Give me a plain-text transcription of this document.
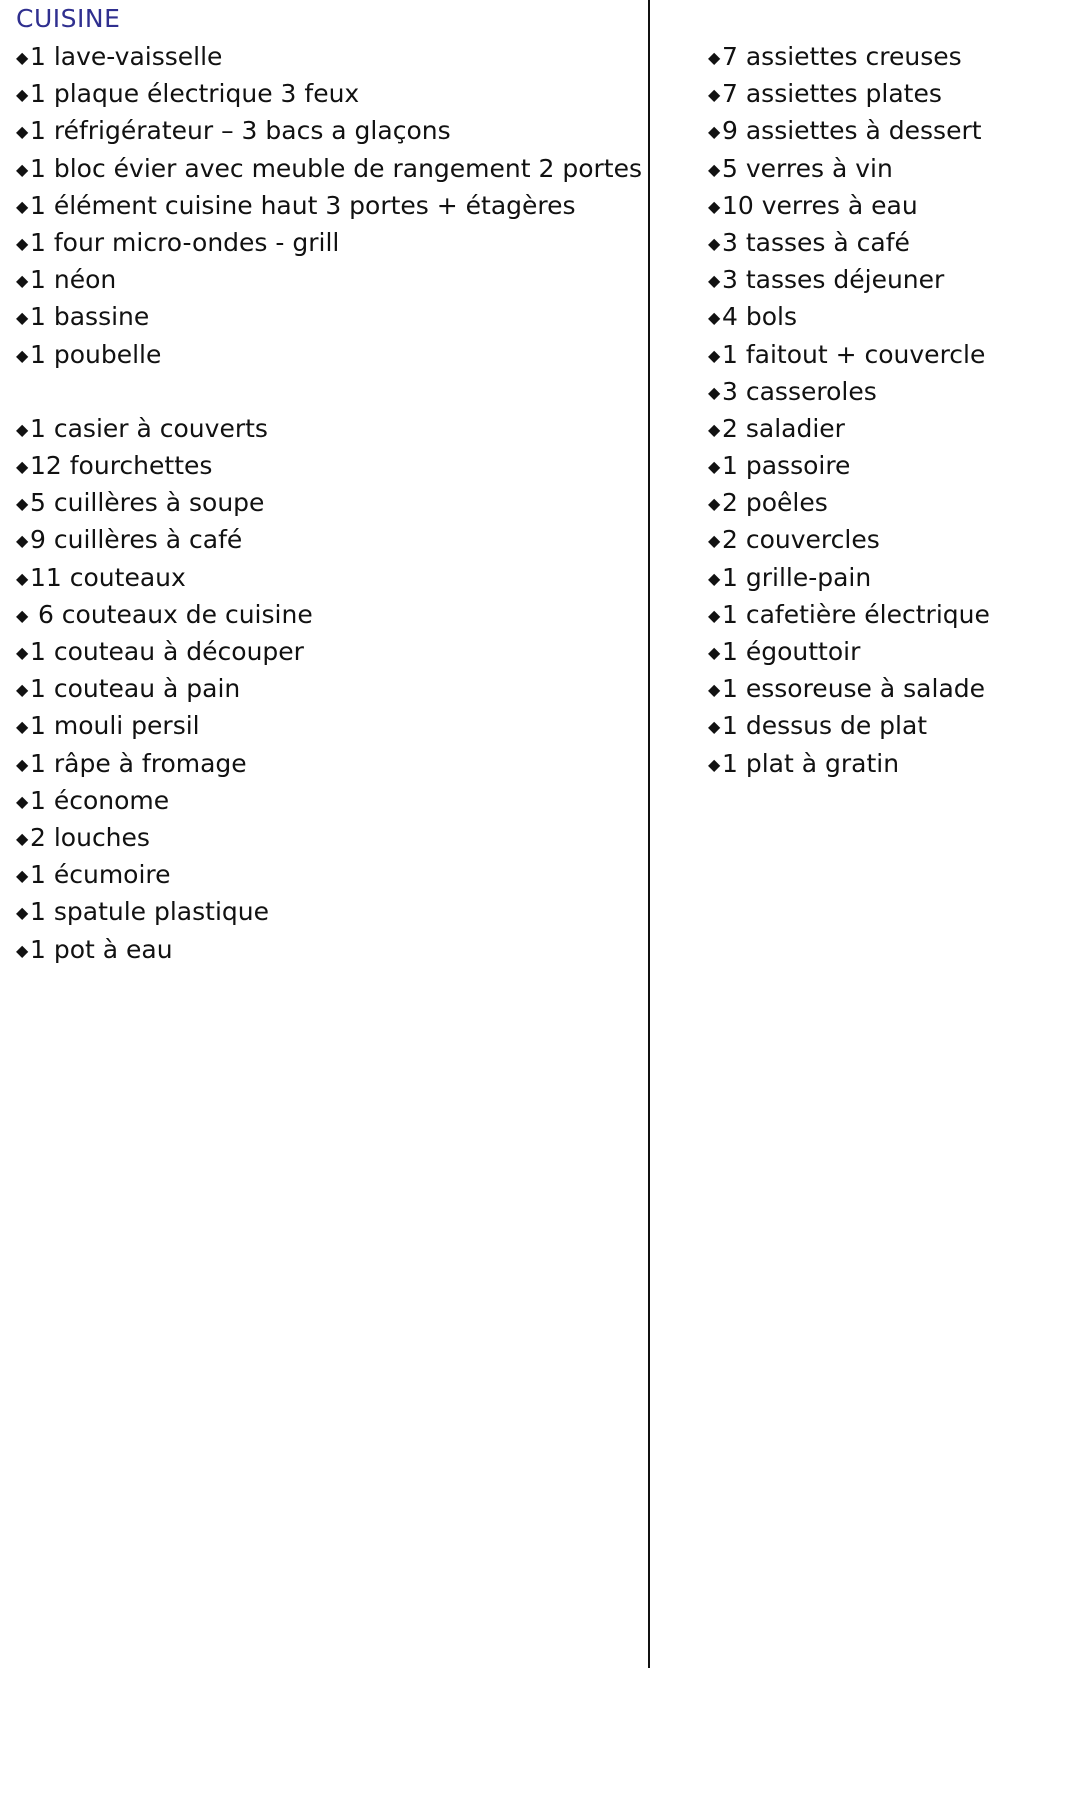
CUISINE
◆1 lave-vaisselle
◆1 plaque électrique 3 feux
◆1 réfrigérateur – 3 bacs a glaçons
◆1 bloc évier avec meuble de rangement 2 portes
◆1 élément cuisine haut 3 portes + étagères
◆1 four micro-ondes - grill
◆1 néon
◆1 bassine
◆1 poubelle
◆1 casier à couverts
◆12 fourchettes
◆5 cuillères à soupe
◆9 cuillères à café
◆11 couteaux
◆ 6 couteaux de cuisine
◆1 couteau à découper
◆1 couteau à pain
◆1 mouli persil
◆1 râpe à fromage
◆1 économe
◆2 louches
◆1 écumoire
◆1 spatule plastique
◆1 pot à eau
◆7 assiettes creuses
◆7 assiettes plates
◆9 assiettes à dessert
◆5 verres à vin
◆10 verres à eau
◆3 tasses à café
◆3 tasses déjeuner
◆4 bols
◆1 faitout + couvercle
◆3 casseroles
◆2 saladier
◆1 passoire
◆2 poêles
◆2 couvercles
◆1 grille-pain
◆1 cafetière électrique
◆1 égouttoir
◆1 essoreuse à salade
◆1 dessus de plat
◆1 plat à gratin
